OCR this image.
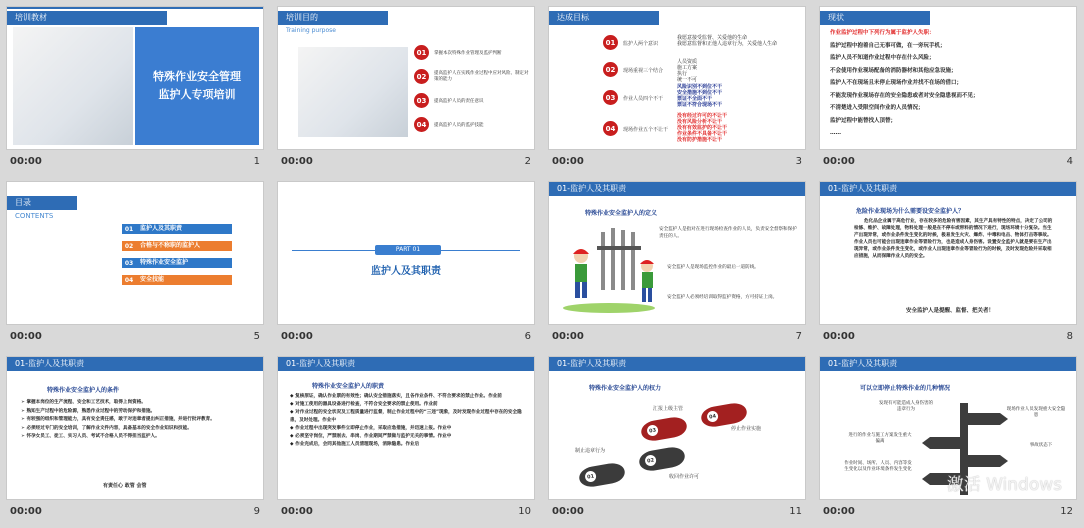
培训教材
特殊作业安全管理
监护人专项培训
00:00	1
培训目的
Training purpose
01	掌握本次特殊作业管理及监护判断
02	提高监护人在实践作业过程中应对风险、制定对策的能力
03	提高监护人员的责任意识
04	提高监护人员的监护技能
00:00	2
达成目标
01	监护人两个意识
我愿意接受监督、关爱他的生命
我愿意监督和正他人违章行为，关爱他人生命
02	现场重视三个结合
人员资质
施工方案
执行
统一不可
03	作业人员四个不干
风险识别不到位不干
安全措施不到位不干
票证不全面不干
票证不符合现场不干
04	现场作业五个不让干
没有经过许可的不让干
没有风险分析不让干
没有有效监护的不让干
作业条件不具备不让干
没有防护措施不让干
00:00	3
现状
作业监护过程中下列行为属于监护人失职：
监护过程中抱着自己无事可做，在一旁玩手机；
监护人员不知道作业过程中存在什么风险；
不会使用作业现场配备的消防器材和其他应急设施；
监护人不在现场且未停止现场作业并找不在场的借口；
不能发现作业现场存在的安全隐患或者对安全隐患视而不见；
不清楚进入受限空间作业的人员情况；
监护过程中能替找人顶替；
……
00:00	4
目录
CONTENTS
01	监护人及其职责
02	合格与不称职的监护人
03	特殊作业安全监护
04	安全技能
00:00	5
PART 01
监护人及其职责
00:00	6
01-监护人及其职责
特殊作业安全监护人的定义
安全监护人是指对在进行现场检查作业的人员，负责安全督察和保护责任的人。
安全监护人是现场监控作业的最后一道防线。
安全监护人必须经培训取得监护资格，方可持证上岗。
00:00	7
01-监护人及其职责
危险作业现场为什么需要设安全监护人？
危化品企业属于高危行业，存在较多的危险有害因素，其生产具有特性的特点，决定了公司的检修、维护、故障处理，物料处理一般是在不停车或带料的情况下进行，现场环境十分复杂。当生产出现异常，或作业条件发生变化的时候，极易发生火灾、爆炸、中毒和电击、物体打击等事故。作业人员也可能会出现违章作业等冒险行为，也是造成人身伤害。设置安全监护人就是要在生产出现异常，或作业条件发生变化，或作业人出现违章作业等冒险行为的时候，及时发现危险并采取相应措施，从而保障作业人员的安全。
安全监护人是提醒、监督、把关者！
00:00	8
01-监护人及其职责
特殊作业安全监护人的条件
➢ 掌握本岗位的生产流程、安全和工艺技术，取得上岗资格。
➢ 熟知生产过程中的危险源，熟悉作业过程中的劳动保护和措施。
➢ 有较强的组织和管理能力，具有安全责任感，敢于对违章者提出纠正措施，并进行批评教育。
➢ 必须经过专门的安全培训，了解作业文件内容，具备基本的安全作业知识和技能。
➢ 怀孕女员工、徒工、实习人员、考试不合格人员不得担当监护人。
有责任心 敢管 会管
00:00	9
01-监护人及其职责
特殊作业安全监护人的职责
◆ 复核原证，确认作业票的有效性；确认安全措施落实，且各作业条件、不符合要求的禁止作业。作业前
◆ 对施工使用的器具设备进行检查，不符合安全要求的禁止使用。作业前
◆ 对作业过程的安全状况及工程质量进行监督，制止作业过程中的“三违”现象，及时发现作业过程中存在的安全隐患，及时处理。作业中
◆ 作业过程中出现突发事件立即停止作业，采取应急措施，并迅速上报。作业中
◆ 必须坚守岗位，严禁刚去、串岗、作业期间严禁做与监护无关的事情。作业中
◆ 作业完成后，会同其他施工人员清理现场，消除隐患。作业后
00:00	10
01-监护人及其职责
特殊作业安全监护人的权力
01
制止违章行为
02
收回作业许可
03
汇报上级主管
04
停止作业实施
00:00	11
01-监护人及其职责
可以立即停止特殊作业的几种情况
发现有可能造成人身伤害的违章行为	现场作业人员发现重大安全隐患
进行的作业与施工方案发生重大偏离
事故状态下
作业时间、场所、人员、内容等发生变化以及作业环境条件发生变化
00:00	12
激活 Windows
